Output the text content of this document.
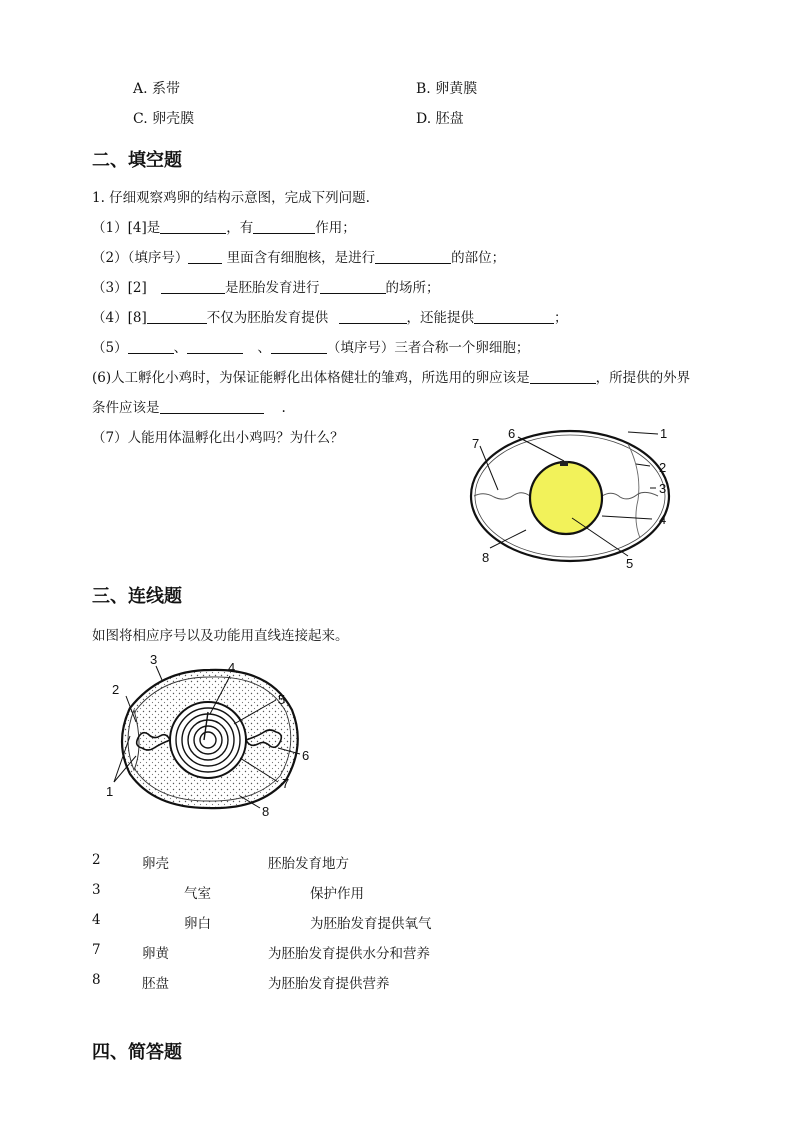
A. 系带	B. 卵黄膜
C. 卵壳膜	D. 胚盘
二、填空题
1. 仔细观察鸡卵的结构示意图，完成下列问题.
（1）[4]是	，有	作用；
（2）（填序号）	里面含有细胞核，是进行	的部位；
（3）[2]	是胚胎发育进行	的场所；
（4）[8]	不仅为胚胎发育提供	，还能提供	；
（5）	、	、	（填序号）三者合称一个卵细胞；
(6)人工孵化小鸡时，为保证能孵化出体格健壮的雏鸡，所选用的卵应该是	，所提供的外界
条件应该是	.
（7）人能用体温孵化出小鸡吗？为什么？	1
2
3
4
5
6
7
8
三、连线题
如图将相应序号以及功能用直线连接起来。
3
2
1
4
5
6
7
8
2	卵壳	胚胎发育地方
3	气室	保护作用
4	卵白	为胚胎发育提供氧气
7	卵黄	为胚胎发育提供水分和营养
8	胚盘	为胚胎发育提供营养
四、简答题
